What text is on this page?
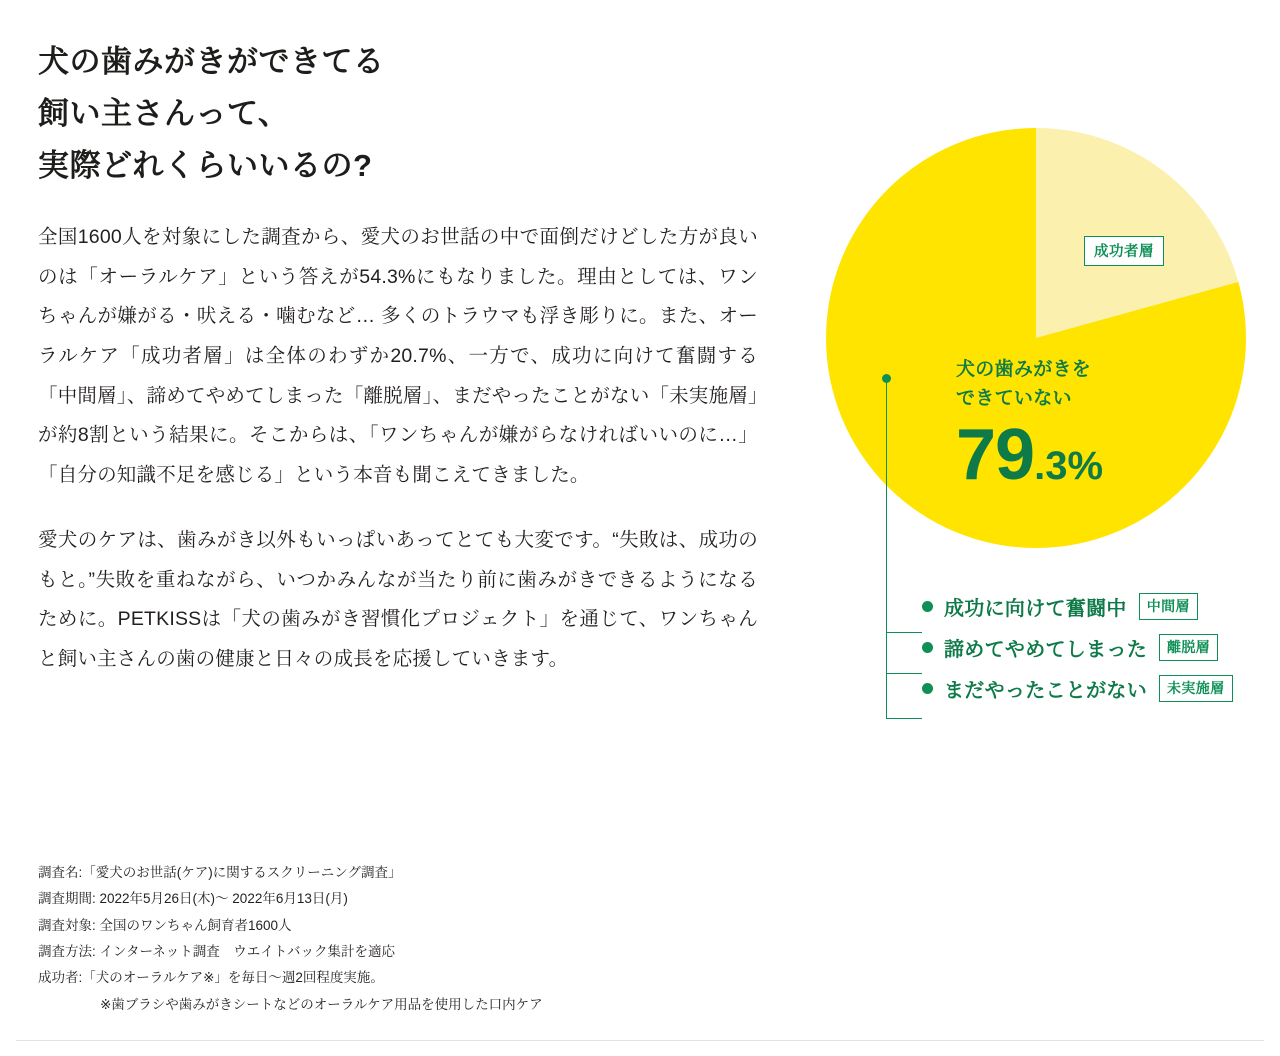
犬の歯みがきができてる
飼い主さんって、
実際どれくらいいるの?

全国1600人を対象にした調査から、愛犬のお世話の中で面倒だけどした方が良いのは「オーラルケア」という答えが54.3%にもなりました。理由としては、ワンちゃんが嫌がる・吠える・噛むなど… 多くのトラウマも浮き彫りに。また、オーラルケア「成功者層」は全体のわずか20.7%、一方で、成功に向けて奮闘する「中間層」、諦めてやめてしまった「離脱層」、まだやったことがない「未実施層」が約8割という結果に。そこからは、「ワンちゃんが嫌がらなければいいのに…」「自分の知識不足を感じる」という本音も聞こえてきました。

愛犬のケアは、歯みがき以外もいっぱいあってとても大変です。“失敗は、成功のもと。”失敗を重ねながら、いつかみんなが当たり前に歯みがきできるようになるために。PETKISSは「犬の歯みがき習慣化プロジェクト」を通じて、ワンちゃんと飼い主さんの歯の健康と日々の成長を応援していきます。

調査名:「愛犬のお世話(ケア)に関するスクリーニング調査」
調査期間: 2022年5月26日(木)～ 2022年6月13日(月)
調査対象: 全国のワンちゃん飼育者1600人
調査方法: インターネット調査　ウエイトバック集計を適応
成功者:「犬のオーラルケア※」を毎日～週2回程度実施。
※歯ブラシや歯みがきシートなどのオーラルケア用品を使用した口内ケア
成功者層
犬の歯みがきを
できていない
79.3%
成功に向けて奮闘中	中間層
諦めてやめてしまった	離脱層
まだやったことがない	未実施層
